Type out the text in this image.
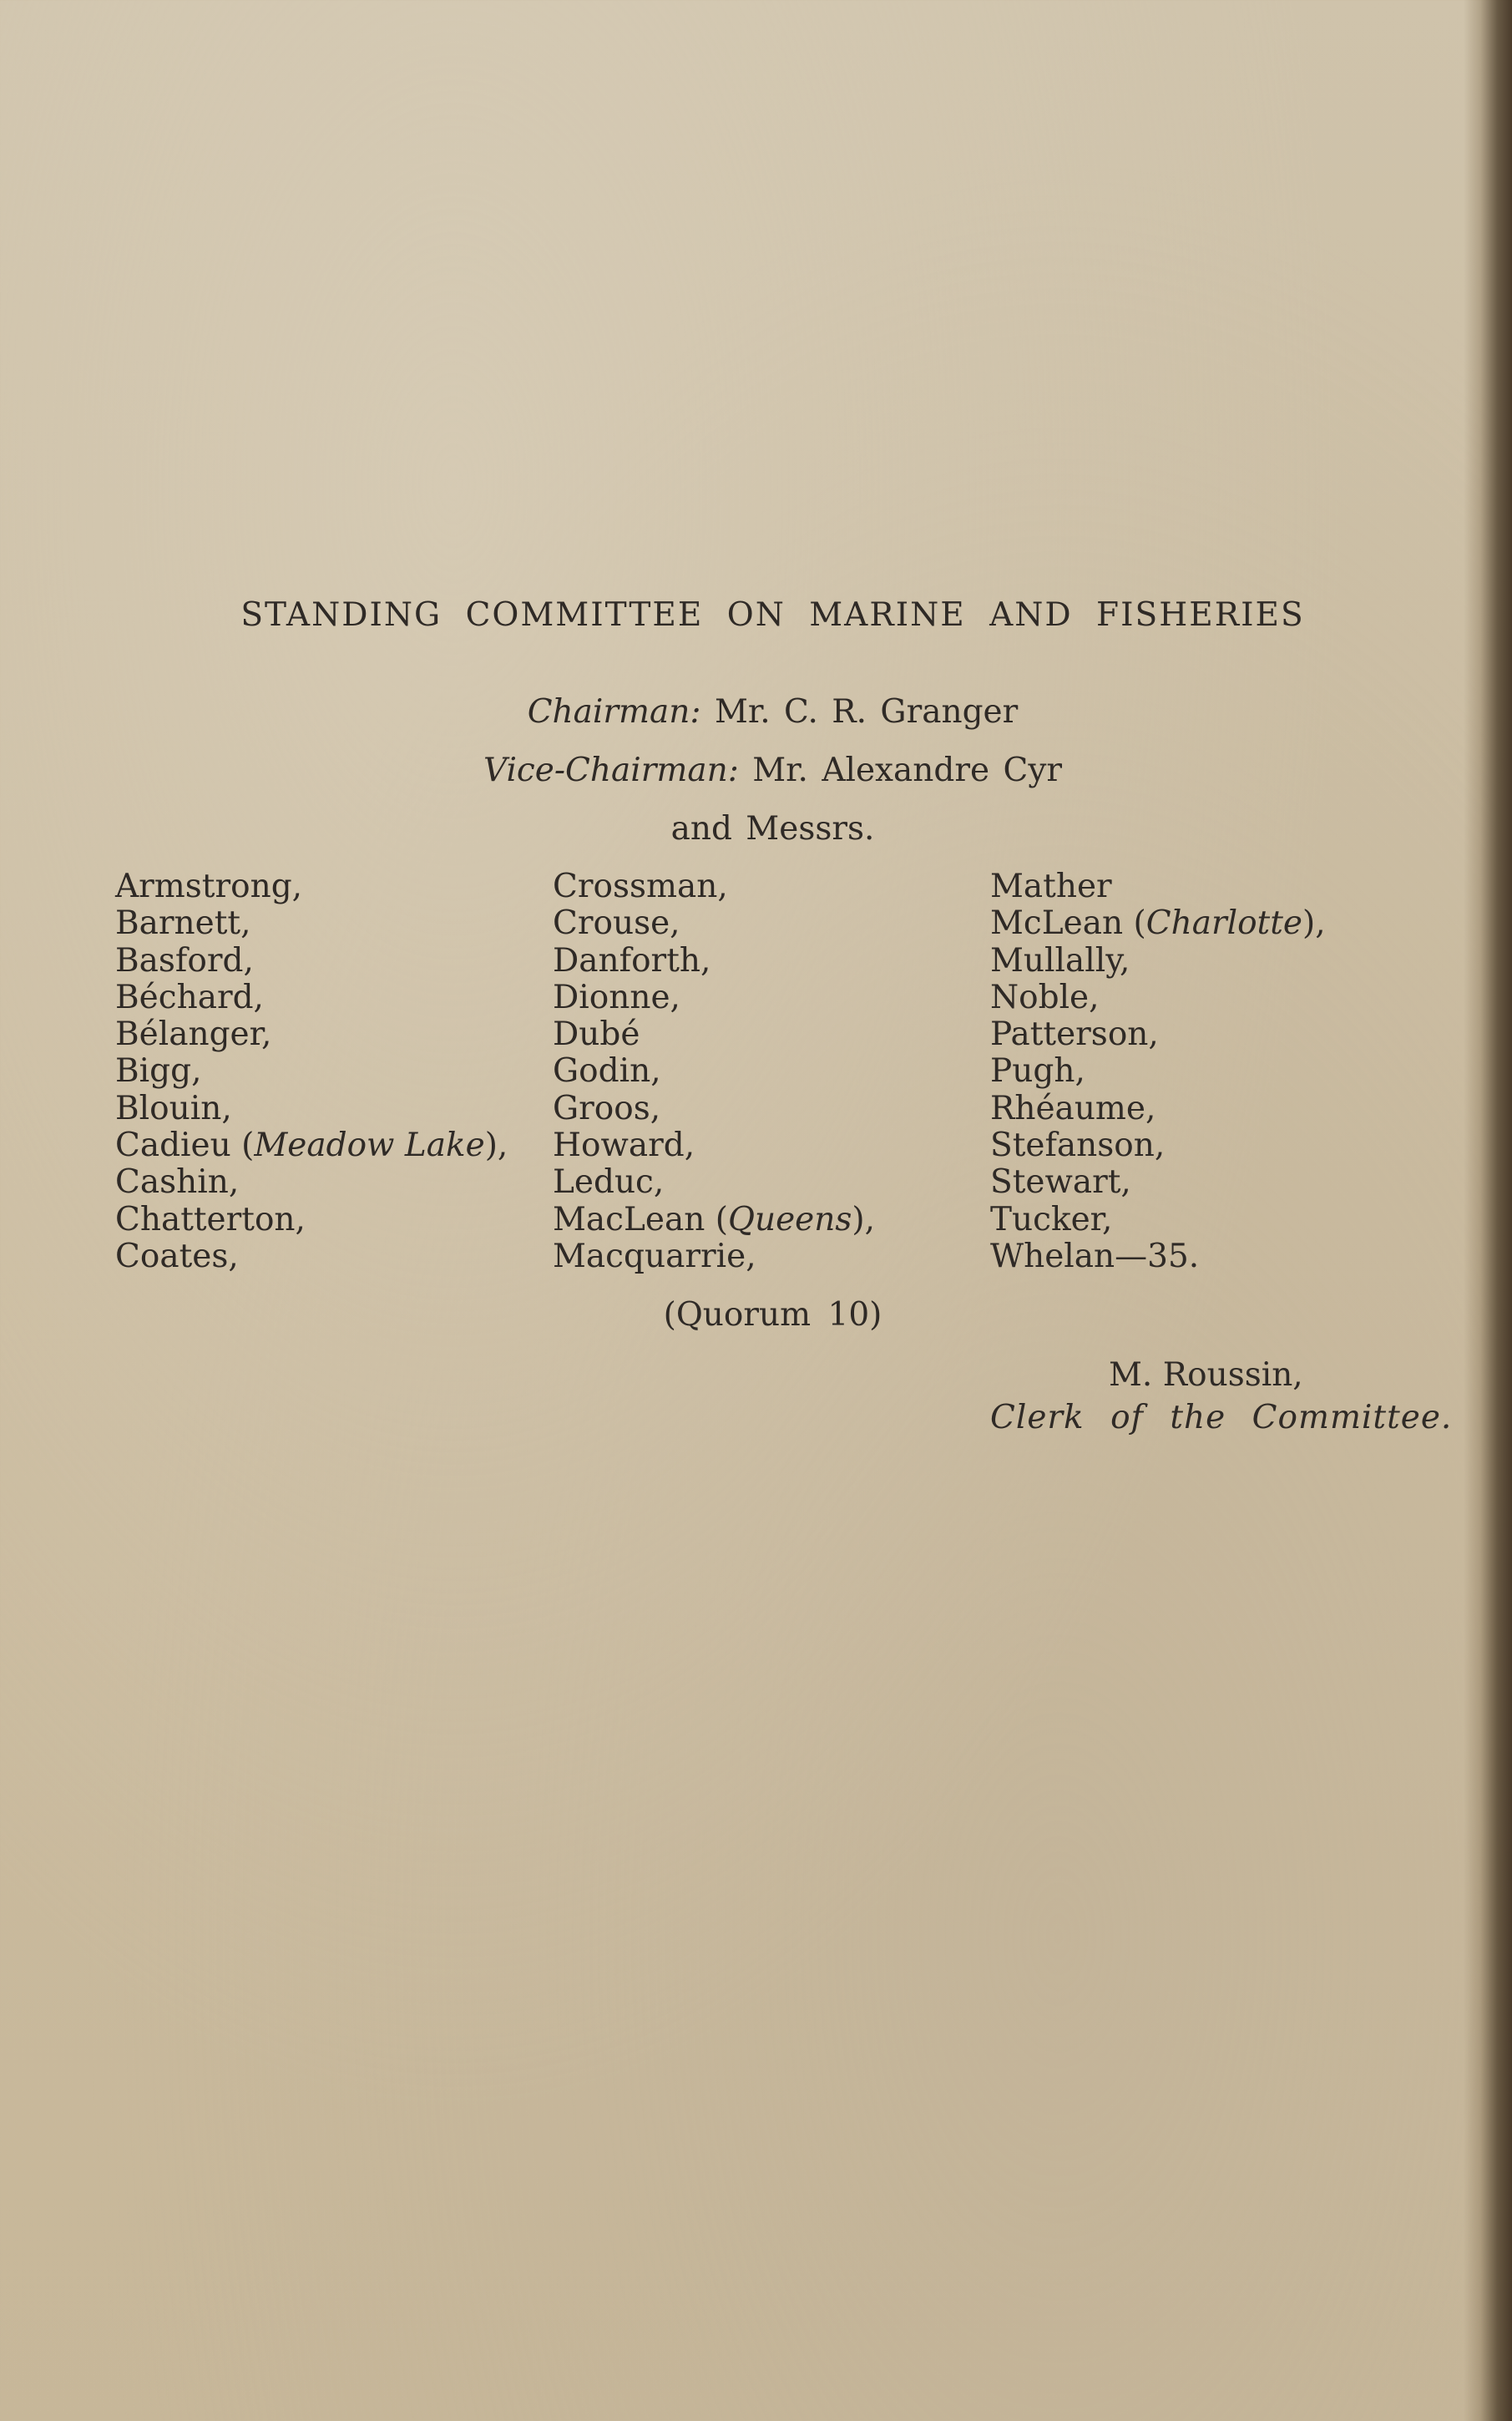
STANDING COMMITTEE ON MARINE AND FISHERIES
Chairman: Mr. C. R. Granger
Vice-Chairman: Mr. Alexandre Cyr
and Messrs.
Armstrong,
Barnett,
Basford,
Béchard,
Bélanger,
Bigg,
Blouin,
Cadieu (Meadow Lake),
Cashin,
Chatterton,
Coates,
Crossman,
Crouse,
Danforth,
Dionne,
Dubé
Godin,
Groos,
Howard,
Leduc,
MacLean (Queens),
Macquarrie,
Mather
McLean (Charlotte),
Mullally,
Noble,
Patterson,
Pugh,
Rhéaume,
Stefanson,
Stewart,
Tucker,
Whelan—35.
(Quorum 10)
M. Roussin,
Clerk of the Committee.
